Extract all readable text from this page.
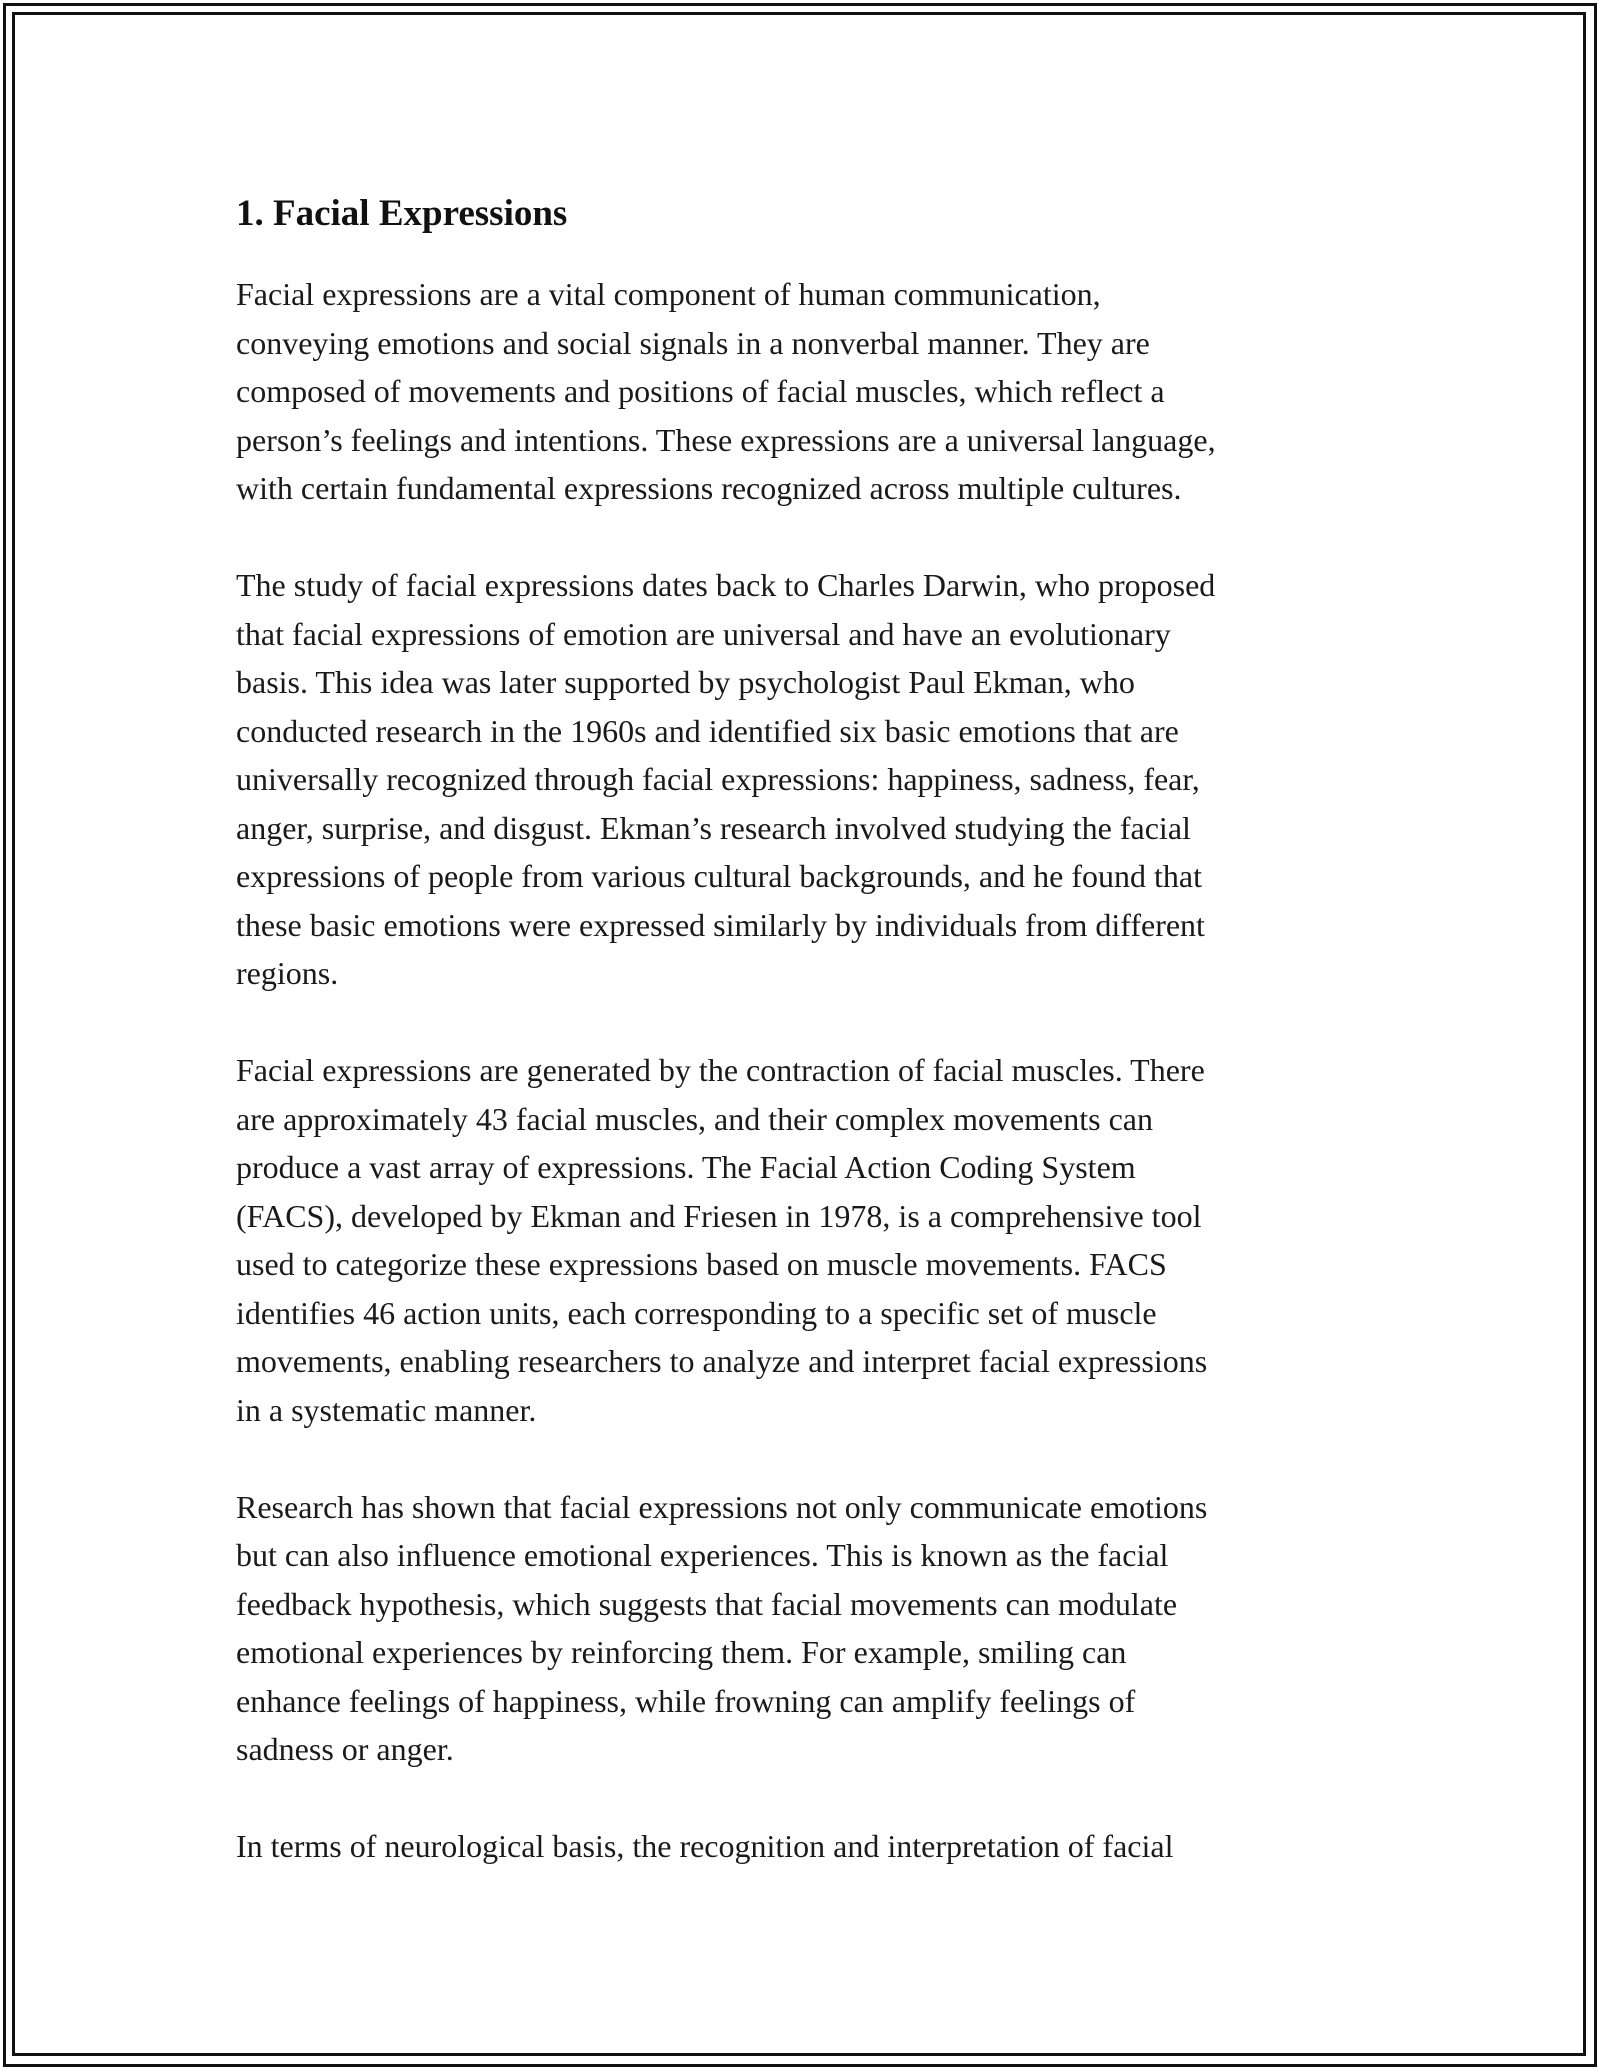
1. Facial Expressions

Facial expressions are a vital component of human communication,
conveying emotions and social signals in a nonverbal manner. They are
composed of movements and positions of facial muscles, which reflect a
person’s feelings and intentions. These expressions are a universal language,
with certain fundamental expressions recognized across multiple cultures.

The study of facial expressions dates back to Charles Darwin, who proposed
that facial expressions of emotion are universal and have an evolutionary
basis. This idea was later supported by psychologist Paul Ekman, who
conducted research in the 1960s and identified six basic emotions that are
universally recognized through facial expressions: happiness, sadness, fear,
anger, surprise, and disgust. Ekman’s research involved studying the facial
expressions of people from various cultural backgrounds, and he found that
these basic emotions were expressed similarly by individuals from different
regions.

Facial expressions are generated by the contraction of facial muscles. There
are approximately 43 facial muscles, and their complex movements can
produce a vast array of expressions. The Facial Action Coding System
(FACS), developed by Ekman and Friesen in 1978, is a comprehensive tool
used to categorize these expressions based on muscle movements. FACS
identifies 46 action units, each corresponding to a specific set of muscle
movements, enabling researchers to analyze and interpret facial expressions
in a systematic manner.

Research has shown that facial expressions not only communicate emotions
but can also influence emotional experiences. This is known as the facial
feedback hypothesis, which suggests that facial movements can modulate
emotional experiences by reinforcing them. For example, smiling can
enhance feelings of happiness, while frowning can amplify feelings of
sadness or anger.

In terms of neurological basis, the recognition and interpretation of facial
